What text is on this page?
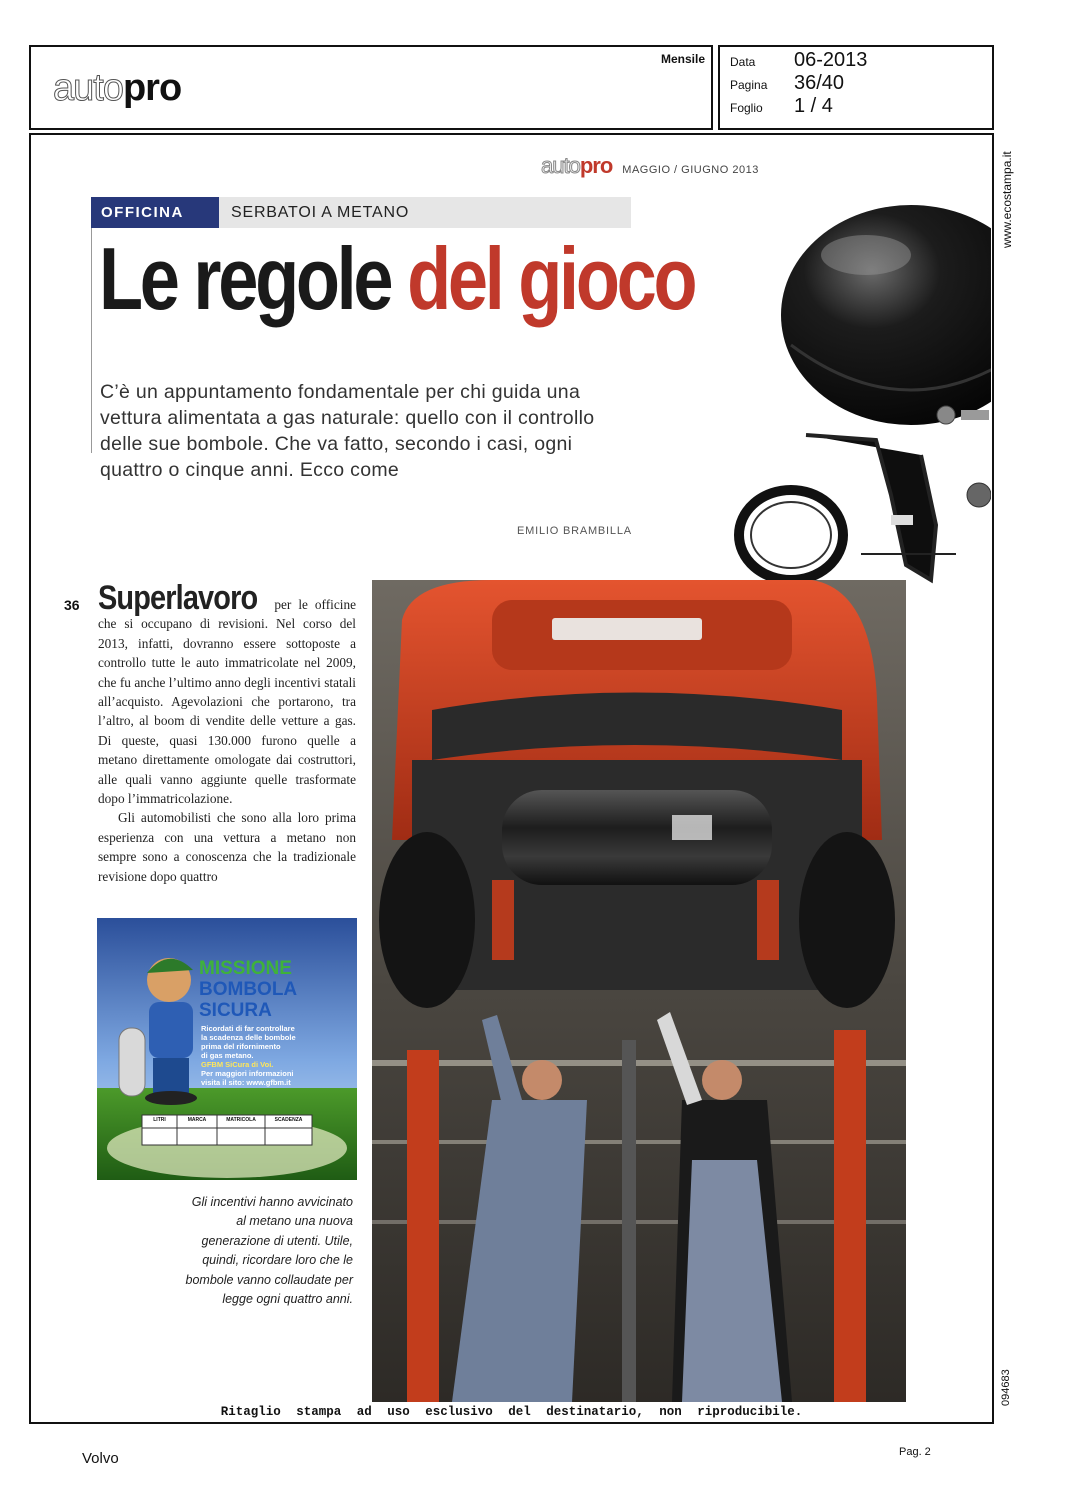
autopro
Mensile Data 06-2013
Pagina 36/40
Foglio 1 / 4
www.ecostampa.it
094683
autopro MAGGIO / GIUGNO 2013
OFFICINA	SERBATOI A METANO
Le regole del gioco
C’è un appuntamento fondamentale per chi guida una vettura alimentata a gas naturale: quello con il controllo delle sue bombole. Che va fatto, secondo i casi, ogni quattro o cinque anni. Ecco come
EMILIO BRAMBILLA
36 Superlavoro per le officine che si occupano di revisioni. Nel corso del 2013, infatti, dovranno essere sottoposte a controllo tutte le auto immatricolate nel 2009, che fu anche l’ultimo anno degli incentivi statali all’acquisto. Agevolazioni che portarono, tra l’altro, al boom di vendite delle vetture a gas. Di queste, quasi 130.000 furono quelle a metano direttamente omologate dai costruttori, alle quali vanno aggiunte quelle trasformate dopo l’immatricolazione.
Gli automobilisti che sono alla loro prima esperienza con una vettura a metano non sempre sono a conoscenza che la tradizionale revisione dopo quattro
MISSIONE
BOMBOLA
SICURA
Ricordati di far controllare
la scadenza delle bombole
prima del rifornimento
di gas metano.
GFBM SiCura di Voi.
Per maggiori informazioni
visita il sito: www.gfbm.it
LITRI	MARCA	MATRICOLA	SCADENZA
Gli incentivi hanno avvicinato al metano una nuova generazione di utenti. Utile, quindi, ricordare loro che le bombole vanno collaudate per legge ogni quattro anni.
Ritaglio stampa ad uso esclusivo del destinatario, non riproducibile.
Volvo	Pag. 2
